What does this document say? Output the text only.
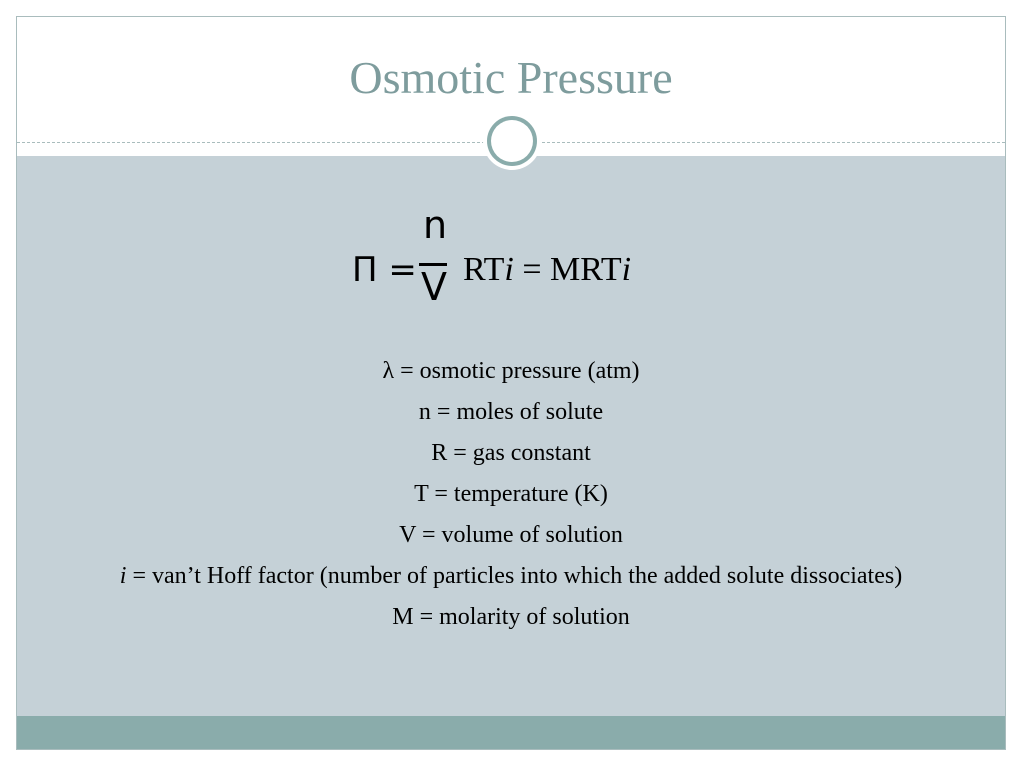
Osmotic Pressure
Π =
n
V RTi = MRTi
λ = osmotic pressure (atm)
n = moles of solute
R = gas constant
T = temperature (K)
V = volume of solution
i = van’t Hoff factor (number of particles into which the added solute dissociates)
M = molarity of solution
